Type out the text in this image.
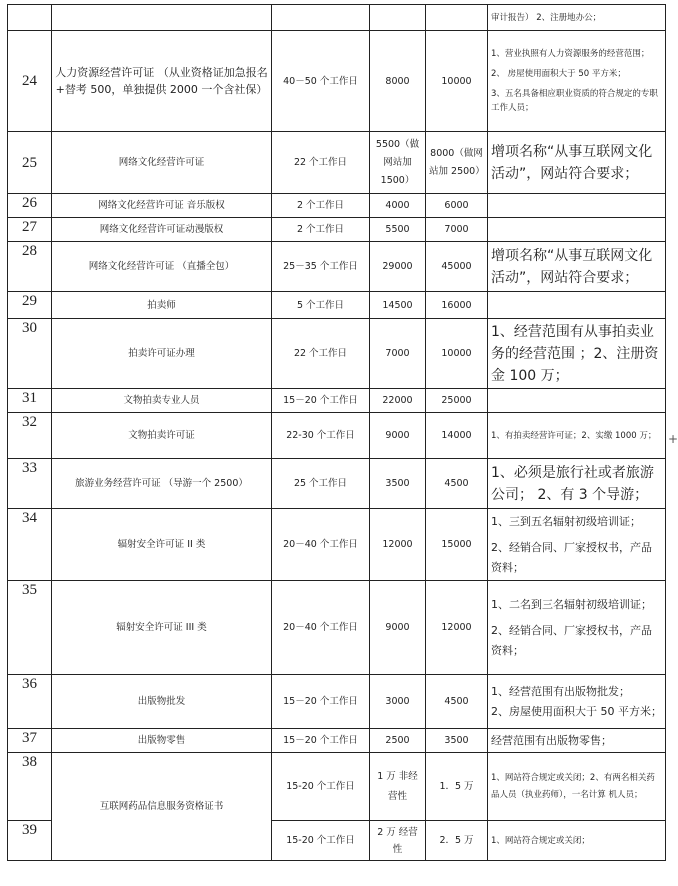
					审计报告） 2、注册地办公；

24	人力资源经营许可证 （从业资格证加急报名+替考 500，单独提供 2000 一个含社保）	40－50 个工作日	8000	10000	1、营业执照有人力资源服务的经营范围；
2、 房屋使用面积大于 50 平方米；
3、五名具备相应职业资质的符合规定的专职工作人员；

25	网络文化经营许可证	22 个工作日	5500（做网站加 1500）	8000（做网站加 2500）	增项名称“从事互联网文化活动”，网站符合要求；

26	网络文化经营许可证 音乐版权	2 个工作日	4000	6000	
27	网络文化经营许可证动漫版权	2 个工作日	5500	7000	
28	网络文化经营许可证 （直播全包）	25－35 个工作日	29000	45000	增项名称“从事互联网文化活动”，网站符合要求；

29	拍卖师	5 个工作日	14500	16000	
30	拍卖许可证办理	22 个工作日	7000	10000	1、经营范围有从事拍卖业务的经营范围 ；2、注册资金 100 万；

31	文物拍卖专业人员	15－20 个工作日	22000	25000	
32	文物拍卖许可证	22-30 个工作日	9000	14000	1、有拍卖经营许可证；2、实缴 1000 万；

33	旅游业务经营许可证 （导游一个 2500）	25 个工作日	3500	4500	1、必须是旅行社或者旅游公司； 2、有 3 个导游；

34	辐射安全许可证 II 类	20－40 个工作日	12000	15000	1、三到五名辐射初级培训证；
2、经销合同、厂家授权书，产品资料；

35	辐射安全许可证 III 类	20－40 个工作日	9000	12000	1、二名到三名辐射初级培训证；
2、经销合同、厂家授权书，产品资料；

36	出版物批发	15－20 个工作日	3000	4500	1、经营范围有出版物批发；
2、房屋使用面积大于 50 平方米；

37	出版物零售	15－20 个工作日	2500	3500	经营范围有出版物零售；

38	互联网药品信息服务资格证书	15-20 个工作日	1 万 非经营性	1．5 万	1、网站符合规定或关闭；2、有两名相关药品人员（执业药师），一名计算 机人员；

39		15-20 个工作日	2 万 经营性	2．5 万	1、网站符合规定或关闭；
+
